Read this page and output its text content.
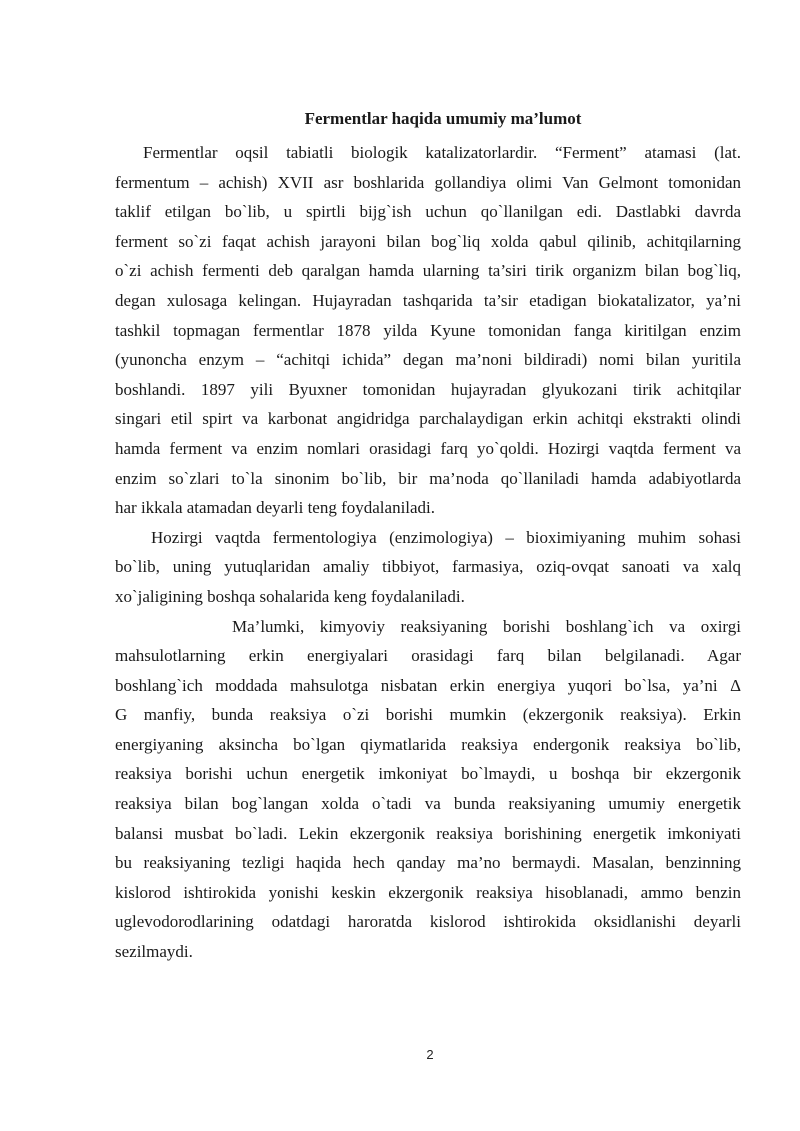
Fermentlar haqida umumiy ma’lumot
Fermentlar oqsil tabiatli biologik katalizatorlardir. “Ferment” atamasi (lat.
fermentum – achish) XVII asr boshlarida gollandiya olimi Van Gelmont tomonidan
taklif etilgan bo`lib, u spirtli bijg`ish uchun qo`llanilgan edi. Dastlabki davrda
ferment so`zi faqat achish jarayoni bilan bog`liq xolda qabul qilinib, achitqilarning
o`zi achish fermenti deb qaralgan hamda ularning ta’siri tirik organizm bilan bog`liq,
degan xulosaga kelingan. Hujayradan tashqarida ta’sir etadigan biokatalizator, ya’ni
tashkil topmagan fermentlar 1878 yilda Kyune tomonidan fanga kiritilgan enzim
(yunoncha enzym – “achitqi ichida” degan ma’noni bildiradi) nomi bilan yuritila
boshlandi. 1897 yili Byuxner tomonidan hujayradan glyukozani tirik achitqilar
singari etil spirt va karbonat angidridga parchalaydigan erkin achitqi ekstrakti olindi
hamda ferment va enzim nomlari orasidagi farq yo`qoldi. Hozirgi vaqtda ferment va
enzim so`zlari to`la sinonim bo`lib, bir ma’noda qo`llaniladi hamda adabiyotlarda
har ikkala atamadan deyarli teng foydalaniladi.
Hozirgi vaqtda fermentologiya (enzimologiya) – bioximiyaning muhim sohasi
bo`lib, uning yutuqlaridan amaliy tibbiyot, farmasiya, oziq-ovqat sanoati va xalq
xo`jaligining boshqa sohalarida keng foydalaniladi.
Ma’lumki, kimyoviy reaksiyaning borishi boshlang`ich va oxirgi
mahsulotlarning erkin energiyalari orasidagi farq bilan belgilanadi. Agar
boshlang`ich moddada mahsulotga nisbatan erkin energiya yuqori bo`lsa, ya’ni Δ
G manfiy, bunda reaksiya o`zi borishi mumkin (ekzergonik reaksiya). Erkin
energiyaning aksincha bo`lgan qiymatlarida reaksiya endergonik reaksiya bo`lib,
reaksiya borishi uchun energetik imkoniyat bo`lmaydi, u boshqa bir ekzergonik
reaksiya bilan bog`langan xolda o`tadi va bunda reaksiyaning umumiy energetik
balansi musbat bo`ladi. Lekin ekzergonik reaksiya borishining energetik imkoniyati
bu reaksiyaning tezligi haqida hech qanday ma’no bermaydi. Masalan, benzinning
kislorod ishtirokida yonishi keskin ekzergonik reaksiya hisoblanadi, ammo benzin
uglevodorodlarining odatdagi haroratda kislorod ishtirokida oksidlanishi deyarli
sezilmaydi.
2
